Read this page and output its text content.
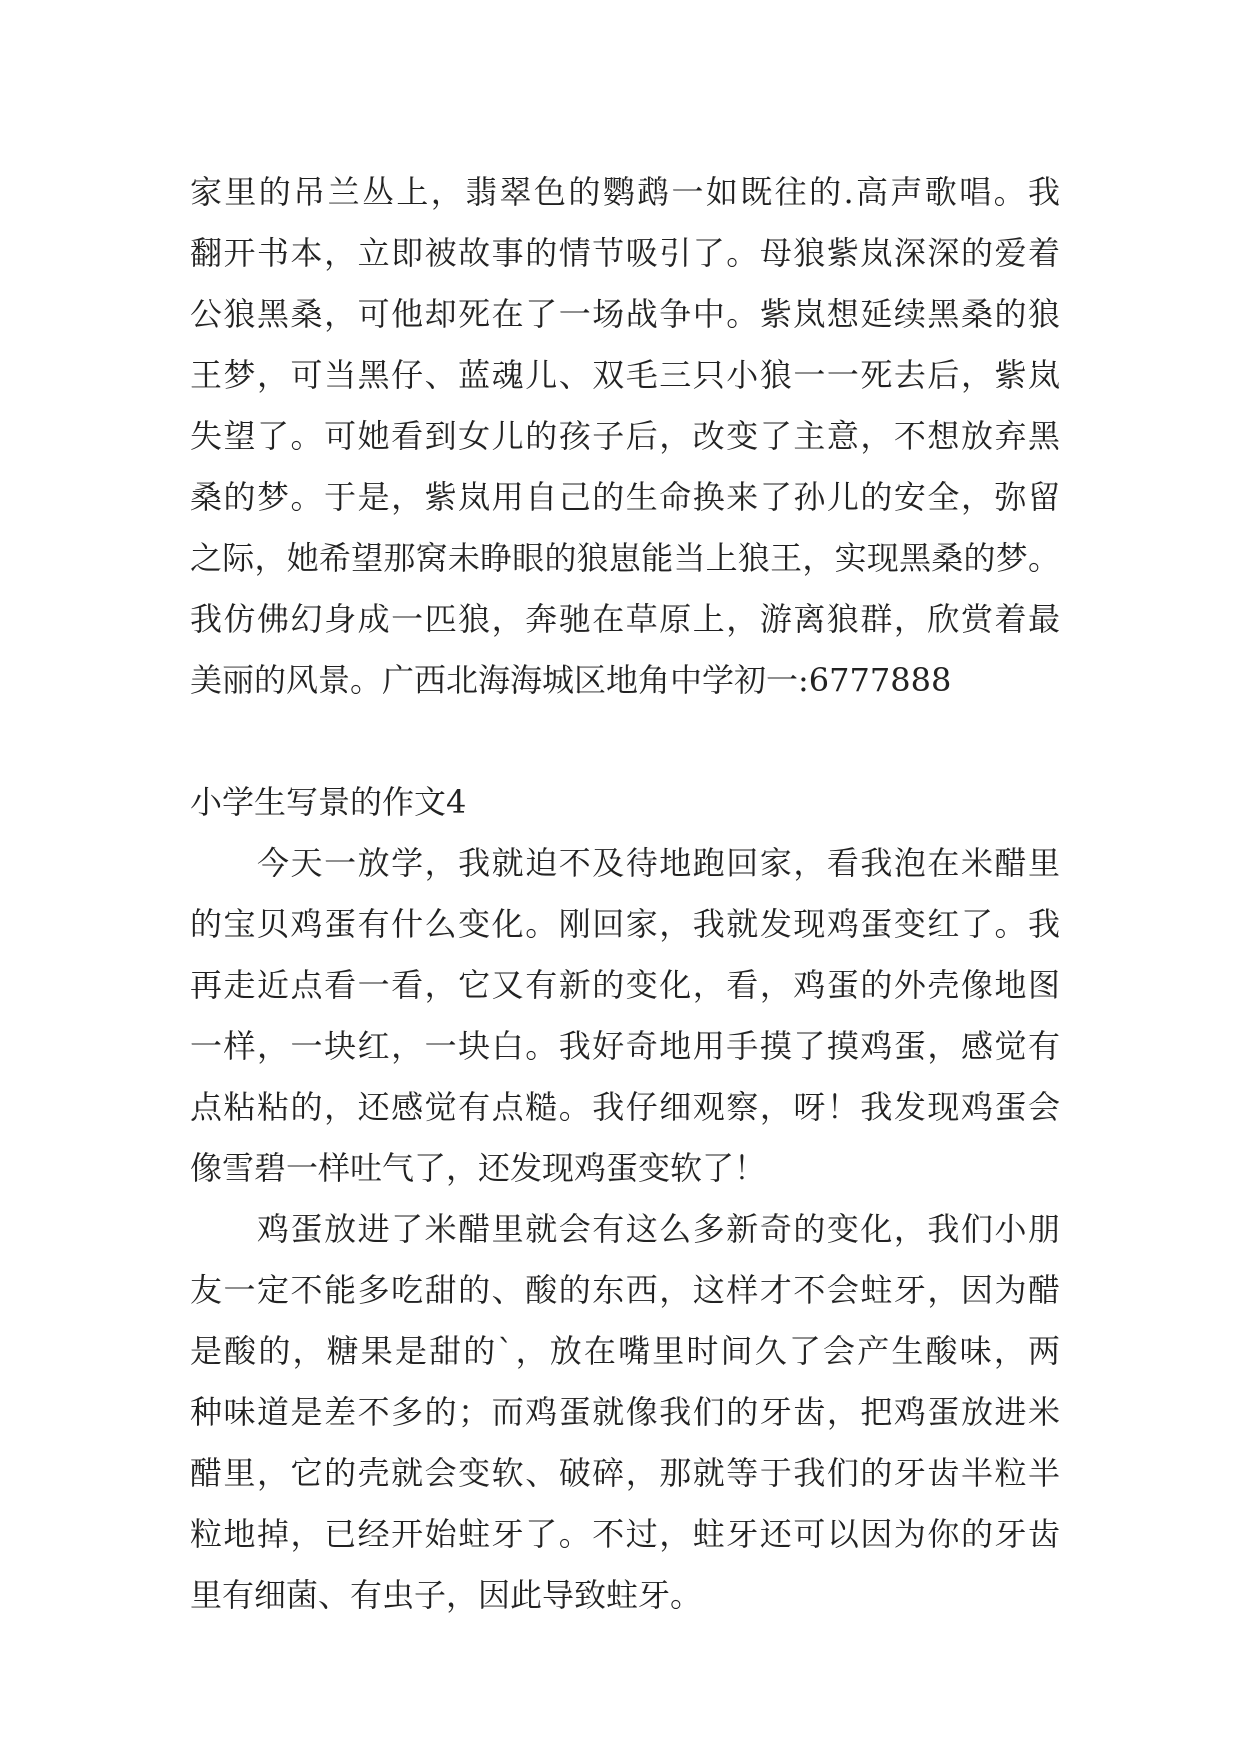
家里的吊兰丛上，翡翠色的鹦鹉一如既往的.高声歌唱。我
翻开书本，立即被故事的情节吸引了。母狼紫岚深深的爱着
公狼黑桑，可他却死在了一场战争中。紫岚想延续黑桑的狼
王梦，可当黑仔、蓝魂儿、双毛三只小狼一一死去后，紫岚
失望了。可她看到女儿的孩子后，改变了主意，不想放弃黑
桑的梦。于是，紫岚用自己的生命换来了孙儿的安全，弥留
之际，她希望那窝未睁眼的狼崽能当上狼王，实现黑桑的梦。
我仿佛幻身成一匹狼，奔驰在草原上，游离狼群，欣赏着最
美丽的风景。广西北海海城区地角中学初一:6777888
小学生写景的作文4
　　今天一放学，我就迫不及待地跑回家，看我泡在米醋里
的宝贝鸡蛋有什么变化。刚回家，我就发现鸡蛋变红了。我
再走近点看一看，它又有新的变化，看，鸡蛋的外壳像地图
一样，一块红，一块白。我好奇地用手摸了摸鸡蛋，感觉有
点粘粘的，还感觉有点糙。我仔细观察，呀！我发现鸡蛋会
像雪碧一样吐气了，还发现鸡蛋变软了！
　　鸡蛋放进了米醋里就会有这么多新奇的变化，我们小朋
友一定不能多吃甜的、酸的东西，这样才不会蛀牙，因为醋
是酸的，糖果是甜的`，放在嘴里时间久了会产生酸味，两
种味道是差不多的；而鸡蛋就像我们的牙齿，把鸡蛋放进米
醋里，它的壳就会变软、破碎，那就等于我们的牙齿半粒半
粒地掉，已经开始蛀牙了。不过，蛀牙还可以因为你的牙齿
里有细菌、有虫子，因此导致蛀牙。
